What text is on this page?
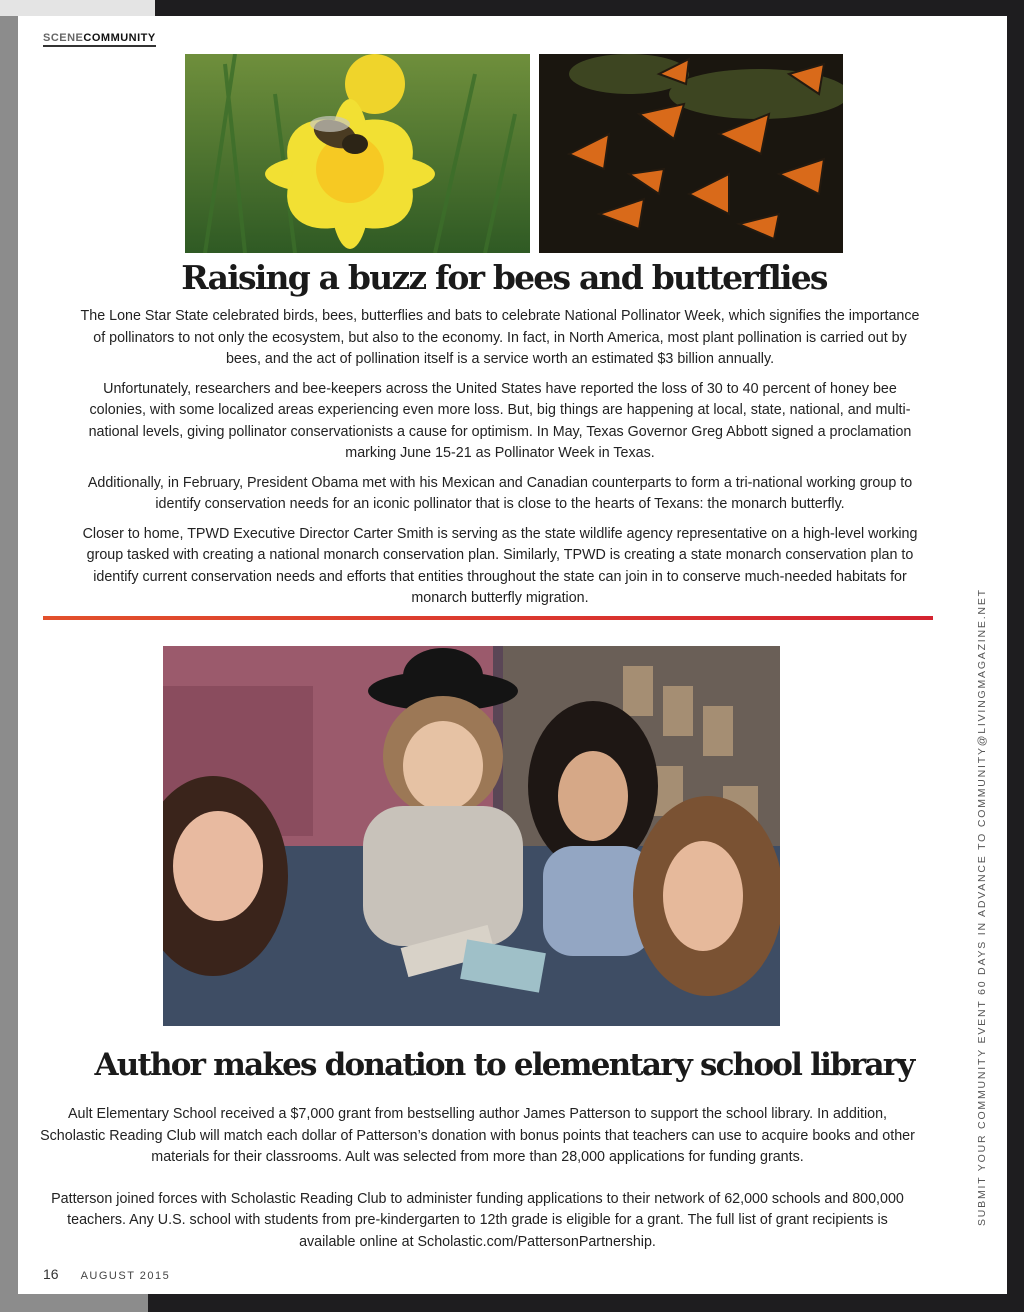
SCENECOMMUNITY
Raising a buzz for bees and butterflies

The Lone Star State celebrated birds, bees, butterflies and bats to celebrate National Pollinator Week, which signifies the importance of pollinators to not only the ecosystem, but also to the economy. In fact, in North America, most plant pollination is carried out by bees, and the act of pollination itself is a service worth an estimated $3 billion annually.

Unfortunately, researchers and bee-keepers across the United States have reported the loss of 30 to 40 percent of honey bee colonies, with some localized areas experiencing even more loss. But, big things are happening at local, state, national, and multi-national levels, giving pollinator conservationists a cause for optimism. In May, Texas Governor Greg Abbott signed a proclamation marking June 15-21 as Pollinator Week in Texas.

Additionally, in February, President Obama met with his Mexican and Canadian counterparts to form a tri-national working group to identify conservation needs for an iconic pollinator that is close to the hearts of Texans: the monarch butterfly.

Closer to home, TPWD Executive Director Carter Smith is serving as the state wildlife agency representative on a high-level working group tasked with creating a national monarch conservation plan. Similarly, TPWD is creating a state monarch conservation plan to identify current conservation needs and efforts that entities throughout the state can join in to conserve much-needed habitats for monarch butterfly migration.

Author makes donation to elementary school library

Ault Elementary School received a $7,000 grant from bestselling author James Patterson to support the school library. In addition, Scholastic Reading Club will match each dollar of Patterson’s donation with bonus points that teachers can use to acquire books and other materials for their classrooms. Ault was selected from more than 28,000 applications for funding grants.

Patterson joined forces with Scholastic Reading Club to administer funding applications to their network of 62,000 schools and 800,000 teachers. Any U.S. school with students from pre-kindergarten to 12th grade is eligible for a grant. The full list of grant recipients is available online at Scholastic.com/PattersonPartnership.

SUBMIT YOUR COMMUNITY EVENT 60 DAYS IN ADVANCE TO COMMUNITY@LIVINGMAGAZINE.NET
16 AUGUST 2015
